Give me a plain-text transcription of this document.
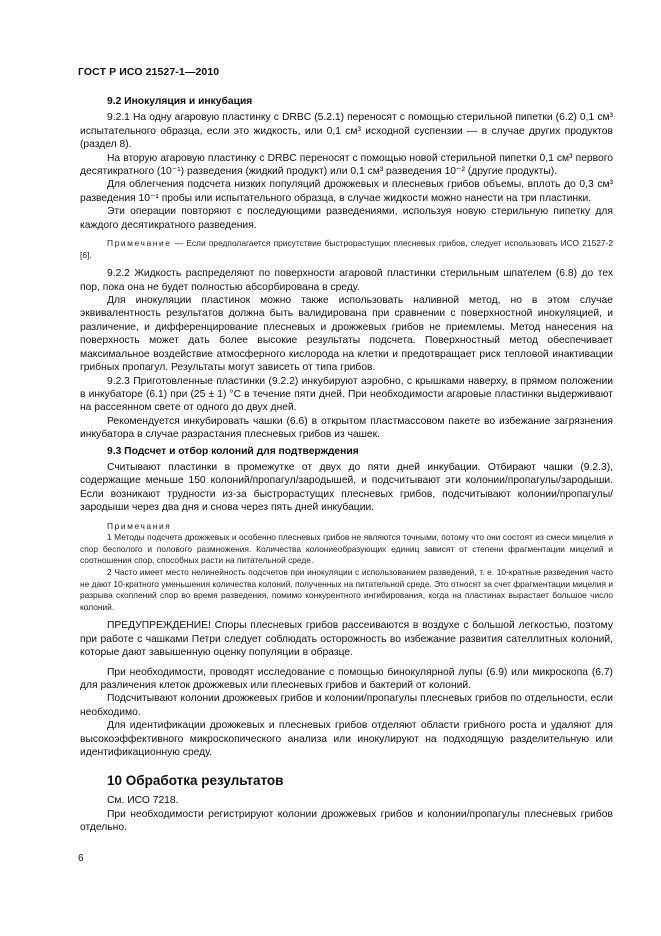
ГОСТ Р ИСО 21527-1—2010

9.2 Инокуляция и инкубация

9.2.1 На одну агаровую пластинку с DRBC (5.2.1) переносят с помощью стерильной пипетки (6.2) 0,1 см³ испытательного образца, если это жидкость, или 0,1 см³ исходной суспензии — в случае других продуктов (раздел 8).

На вторую агаровую пластинку с DRBC переносят с помощью новой стерильной пипетки 0,1 см³ первого десятикратного (10⁻¹) разведения (жидкий продукт) или 0,1 см³ разведения 10⁻² (другие продукты).

Для облегчения подсчета низких популяций дрожжевых и плесневых грибов объемы, вплоть до 0,3 см³ разведения 10⁻¹ пробы или испытательного образца, в случае жидкости можно нанести на три пластинки.

Эти операции повторяют с последующими разведениями, используя новую стерильную пипетку для каждого десятикратного разведения.

Примечание — Если предполагается присутствие быстрорастущих плесневых грибов, следует использовать ИСО 21527-2 [6].

9.2.2 Жидкость распределяют по поверхности агаровой пластинки стерильным шпателем (6.8) до тех пор, пока она не будет полностью абсорбирована в среду.

Для инокуляции пластинок можно также использовать наливной метод, но в этом случае эквивалентность результатов должна быть валидирована при сравнении с поверхностной инокуляцией, и различение, и дифференцирование плесневых и дрожжевых грибов не приемлемы. Метод нанесения на поверхность может дать более высокие результаты подсчета. Поверхностный метод обеспечивает максимальное воздействие атмосферного кислорода на клетки и предотвращает риск тепловой инактивации грибных пропагул. Результаты могут зависеть от типа грибов.

9.2.3 Приготовленные пластинки (9.2.2) инкубируют аэробно, с крышками наверху, в прямом положении в инкубаторе (6.1) при (25 ± 1) °C в течение пяти дней. При необходимости агаровые пластинки выдерживают на рассеянном свете от одного до двух дней.

Рекомендуется инкубировать чашки (6.6) в открытом пластмассовом пакете во избежание загрязнения инкубатора в случае разрастания плесневых грибов из чашек.

9.3 Подсчет и отбор колоний для подтверждения

Считывают пластинки в промежутке от двух до пяти дней инкубации. Отбирают чашки (9.2.3), содержащие меньше 150 колоний/пропагул/зародышей, и подсчитывают эти колонии/пропагулы/зародыши. Если возникают трудности из-за быстрорастущих плесневых грибов, подсчитывают колонии/пропагулы/зародыши через два дня и снова через пять дней инкубации.

Примечания

1 Методы подсчета дрожжевых и особенно плесневых грибов не являются точными, потому что они состоят из смеси мицелия и спор бесполого и полового размножения. Количества колониеобразующих единиц зависят от степени фрагментации мицелий и соотношения спор, способных расти на питательной среде.

2 Часто имеет место нелинейность подсчетов при инокуляции с использованием разведений, т. е. 10-кратные разведения часто не дают 10-кратного уменьшения количества колоний, полученных на питательной среде. Это относят за счет фрагментации мицелия и разрыва скоплений спор во время разведения, помимо конкурентного ингибирования, когда на пластинах вырастает большое число колоний.

ПРЕДУПРЕЖДЕНИЕ! Споры плесневых грибов рассеиваются в воздухе с большой легкостью, поэтому при работе с чашками Петри следует соблюдать осторожность во избежание развития сателлитных колоний, которые дают завышенную оценку популяции в образце.

При необходимости, проводят исследование с помощью бинокулярной лупы (6.9) или микроскопа (6.7) для различения клеток дрожжевых или плесневых грибов и бактерий от колоний.

Подсчитывают колонии дрожжевых грибов и колонии/пропагулы плесневых грибов по отдельности, если необходимо.

Для идентификации дрожжевых и плесневых грибов отделяют области грибного роста и удаляют для высокоэффективного микроскопического анализа или инокулируют на подходящую разделительную или идентификационную среду.

10 Обработка результатов

См. ИСО 7218.

При необходимости регистрируют колонии дрожжевых грибов и колонии/пропагулы плесневых грибов отдельно.

6
